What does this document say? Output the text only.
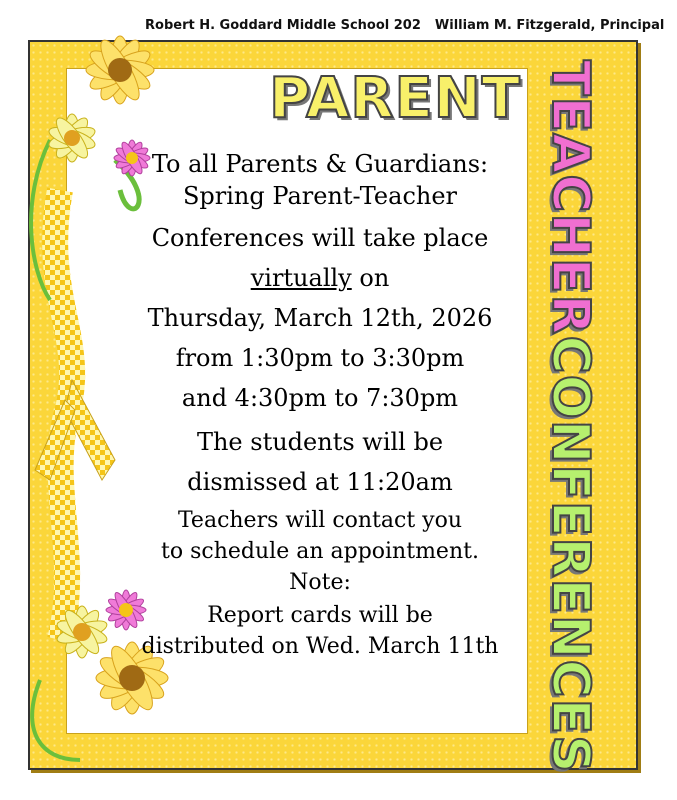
Robert H. Goddard Middle School 202 William M. Fitzgerald, Principal
PARENT TEACHERCONFERENCES
To all Parents & Guardians:
Spring Parent-Teacher
Conferences will take place
virtually on
Thursday, March 12th, 2026
from 1:30pm to 3:30pm
and 4:30pm to 7:30pm
The students will be
dismissed at 11:20am
Teachers will contact you
to schedule an appointment.
Note:
Report cards will be
distributed on Wed. March 11th
